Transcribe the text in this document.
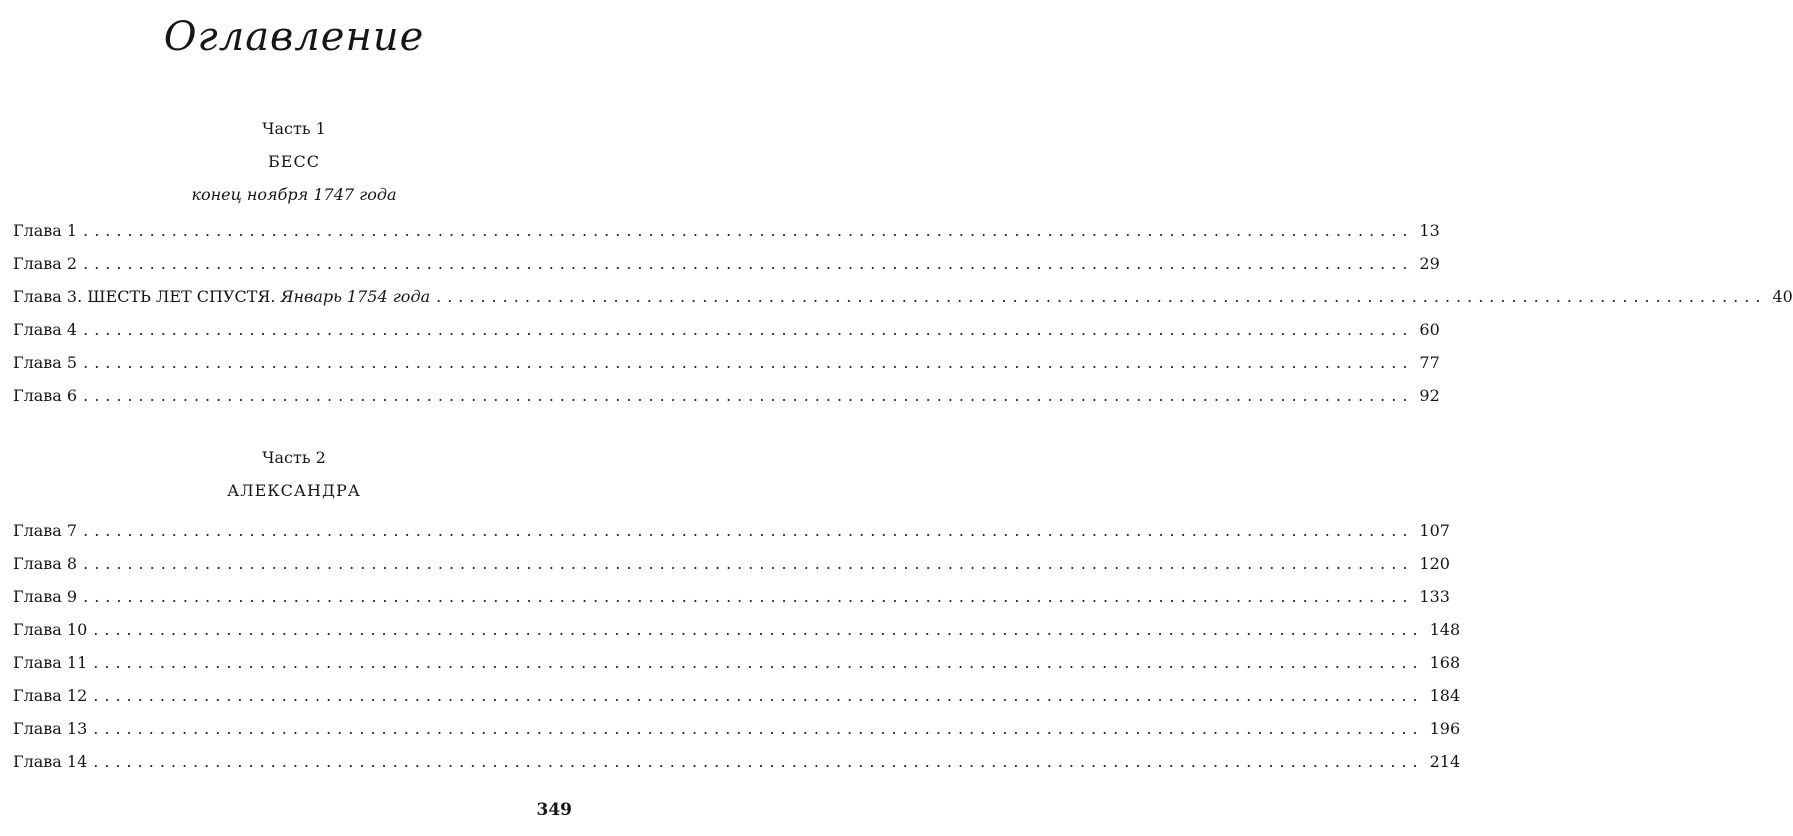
Оглавление
Часть 1
БЕСС
конец ноября 1747 года
Глава 1 ........................................................................................................................ 13
Глава 2 ........................................................................................................................ 29
Глава 3. ШЕСТЬ ЛЕТ СПУСТЯ. Январь 1754 года ........................................................................................................................ 40
Глава 4 ........................................................................................................................ 60
Глава 5 ........................................................................................................................ 77
Глава 6 ........................................................................................................................ 92
Часть 2
АЛЕКСАНДРА
Глава 7 ........................................................................................................................ 107
Глава 8 ........................................................................................................................ 120
Глава 9 ........................................................................................................................ 133
Глава 10 ........................................................................................................................ 148
Глава 11 ........................................................................................................................ 168
Глава 12 ........................................................................................................................ 184
Глава 13 ........................................................................................................................ 196
Глава 14 ........................................................................................................................ 214
349
